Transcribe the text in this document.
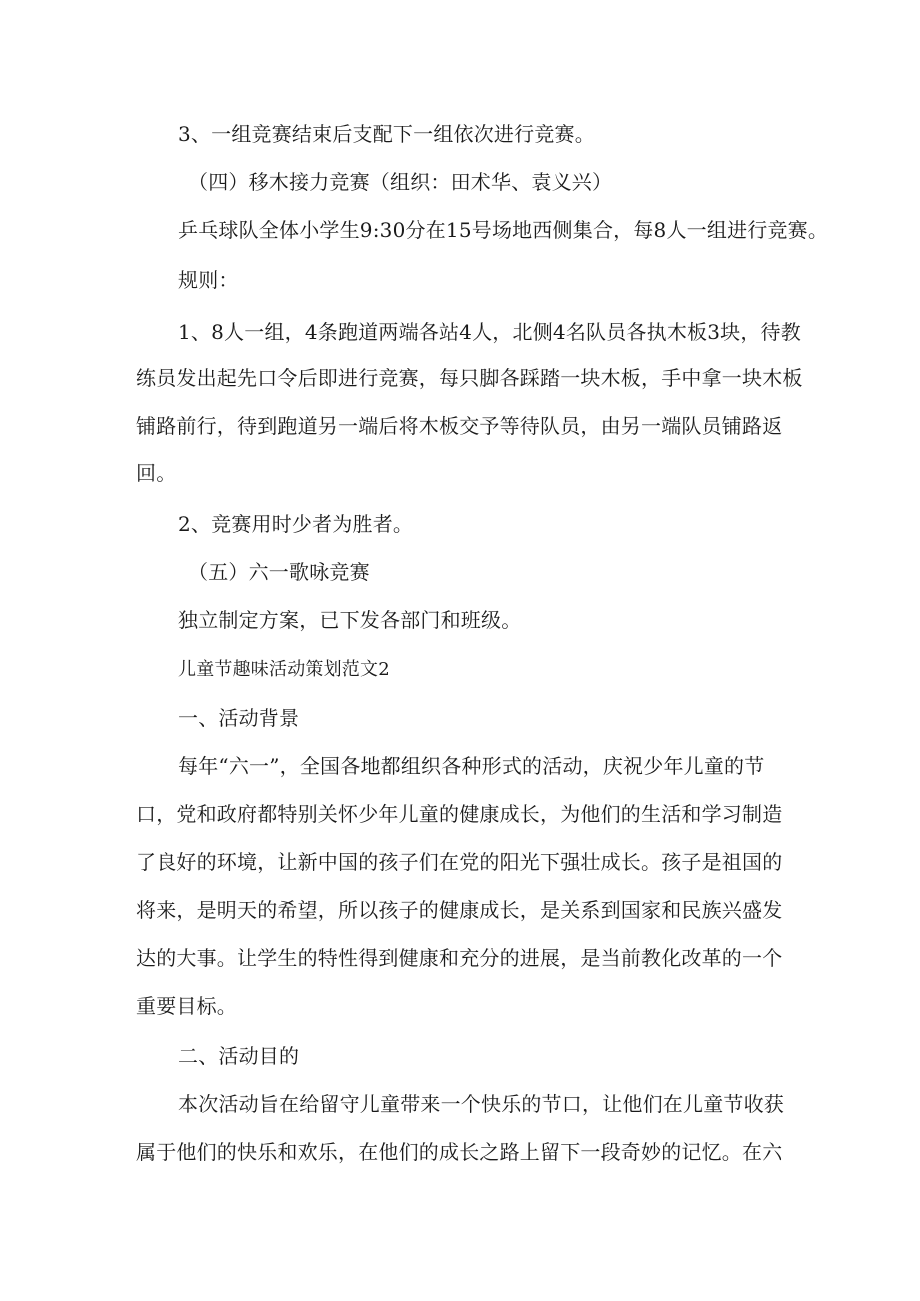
3、一组竞赛结束后支配下一组依次进行竞赛。

（四）移木接力竞赛（组织：田术华、袁义兴）

乒乓球队全体小学生9:30分在15号场地西侧集合，每8人一组进行竞赛。

规则：

1、8人一组，4条跑道两端各站4人，北侧4名队员各执木板3块，待教

练员发出起先口令后即进行竞赛，每只脚各踩踏一块木板，手中拿一块木板

铺路前行，待到跑道另一端后将木板交予等待队员，由另一端队员铺路返

回。

2、竞赛用时少者为胜者。

（五）六一歌咏竞赛

独立制定方案，已下发各部门和班级。

儿童节趣味活动策划范文2

一、活动背景

每年“六一”，全国各地都组织各种形式的活动，庆祝少年儿童的节

口，党和政府都特别关怀少年儿童的健康成长，为他们的生活和学习制造

了良好的环境，让新中国的孩子们在党的阳光下强壮成长。孩子是祖国的

将来，是明天的希望，所以孩子的健康成长，是关系到国家和民族兴盛发

达的大事。让学生的特性得到健康和充分的进展，是当前教化改革的一个

重要目标。

二、活动目的

本次活动旨在给留守儿童带来一个快乐的节口，让他们在儿童节收获

属于他们的快乐和欢乐，在他们的成长之路上留下一段奇妙的记忆。在六
